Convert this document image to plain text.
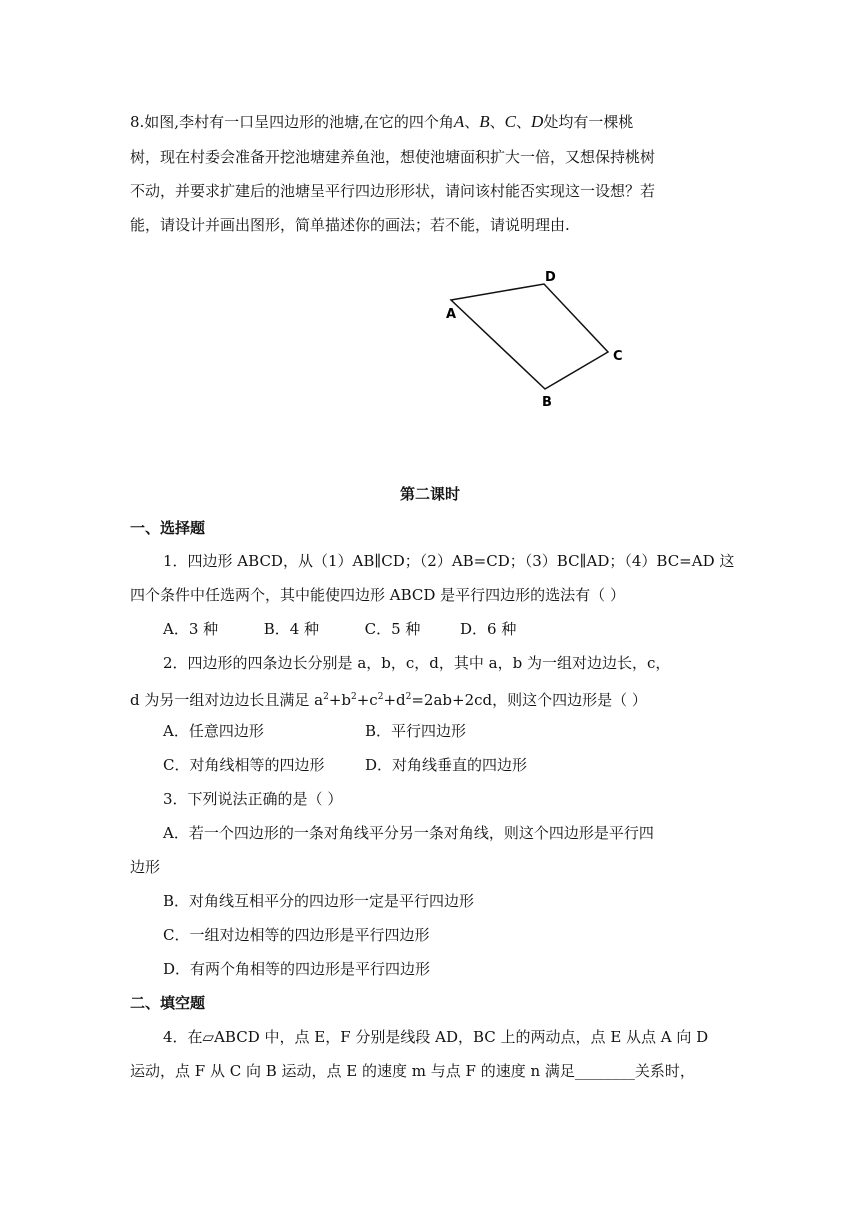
8.如图,李村有一口呈四边形的池塘,在它的四个角A、B、C、D处均有一棵桃
树，现在村委会准备开挖池塘建养鱼池，想使池塘面积扩大一倍，又想保持桃树
不动，并要求扩建后的池塘呈平行四边形形状，请问该村能否实现这一设想？若
能，请设计并画出图形，简单描述你的画法；若不能，请说明理由.
D
A
C
B
第二课时
一、选择题
1．四边形 ABCD，从（1）AB∥CD；（2）AB=CD；（3）BC∥AD；（4）BC=AD 这
四个条件中任选两个，其中能使四边形 ABCD 是平行四边形的选法有（ ）
A．3 种	B．4 种	C．5 种	D．6 种
2．四边形的四条边长分别是 a，b，c，d，其中 a，b 为一组对边边长，c，
d 为另一组对边边长且满足 $a^2+b^2+c^2+d^2=2ab+2cd$，则这个四边形是（ ）
A．任意四边形	B．平行四边形
C．对角线相等的四边形	D．对角线垂直的四边形
3．下列说法正确的是（ ）
A．若一个四边形的一条对角线平分另一条对角线，则这个四边形是平行四
边形
B．对角线互相平分的四边形一定是平行四边形
C．一组对边相等的四边形是平行四边形
D．有两个角相等的四边形是平行四边形
二、填空题
4．在▱ABCD 中，点 E，F 分别是线段 AD，BC 上的两动点，点 E 从点 A 向 D
运动，点 F 从 C 向 B 运动，点 E 的速度 m 与点 F 的速度 n 满足________关系时，
